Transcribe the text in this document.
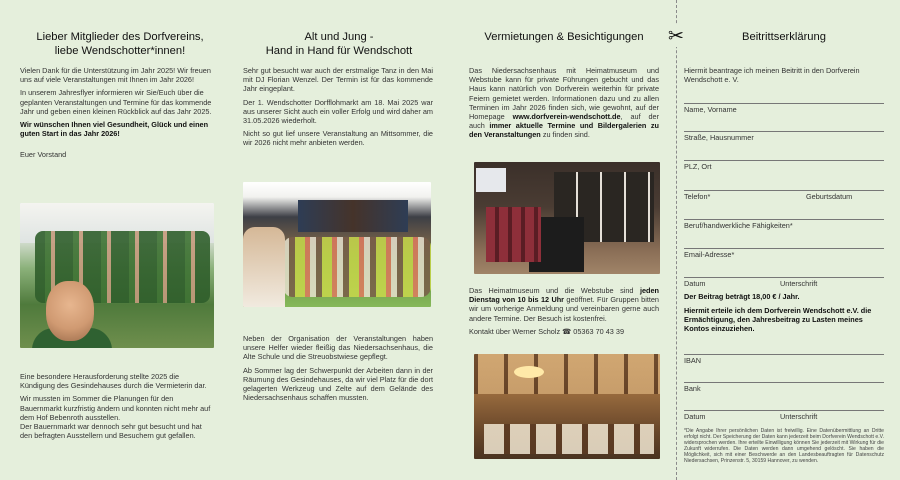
Lieber Mitglieder des Dorfvereins,
liebe Wendschotter*innen!

Vielen Dank für die Unterstützung im Jahr 2025! Wir freuen uns auf viele Veranstaltungen mit Ihnen im Jahr 2026!

In unserem Jahresflyer informieren wir Sie/Euch über die geplanten Veranstaltungen und Termine für das kommende Jahr und geben einen kleinen Rückblick auf das Jahr 2025.

Wir wünschen Ihnen viel Gesundheit, Glück und einen guten Start in das Jahr 2026!

Euer Vorstand

Eine besondere Herausforderung stellte 2025 die Kündigung des Gesindehauses durch die Vermieterin dar.

Wir mussten im Sommer die Planungen für den Bauernmarkt kurzfristig ändern und konnten nicht mehr auf dem Hof Bebenroth ausstellen.

Der Bauernmarkt war dennoch sehr gut besucht und hat den befragten Ausstellern und Besuchern gut gefallen.

Alt und Jung -
Hand in Hand für Wendschott

Sehr gut besucht war auch der erstmalige Tanz in den Mai mit DJ Florian Wenzel. Der Termin ist für das kommende Jahr eingeplant.

Der 1. Wendschotter Dorfflohmarkt am 18. Mai 2025 war aus unserer Sicht auch ein voller Erfolg und wird daher am 31.05.2026 wiederholt.

Nicht so gut lief unsere Veranstaltung an Mittsommer, die wir 2026 nicht mehr anbieten werden.

Neben der Organisation der Veranstaltungen haben unsere Helfer wieder fleißig das Niedersachsenhaus, die Alte Schule und die Streuobstwiese gepflegt.

Ab Sommer lag der Schwerpunkt der Arbeiten dann in der Räumung des Gesindehauses, da wir viel Platz für die dort gelagerten Werkzeug und Zelte auf dem Gelände des Niedersachsenhaus schaffen mussten.

Vermietungen & Besichtigungen

Das Niedersachsenhaus mit Heimatmuseum und Webstube kann für private Führungen gebucht und das Haus kann natürlich von Dorfverein weiterhin für private Feiern gemietet werden. Informationen dazu und zu allen Terminen im Jahr 2026 finden sich, wie gewohnt, auf der Homepage www.dorfverein-wendschott.de, auf der auch immer aktuelle Termine und Bildergalerien zu den Veranstaltungen zu finden sind.

Das Heimatmuseum und die Webstube sind jeden Dienstag von 10 bis 12 Uhr geöffnet. Für Gruppen bitten wir um vorherige Anmeldung und vereinbaren gerne auch andere Termine. Der Besuch ist kostenfrei.

Kontakt über Werner Scholz ☎ 05363 70 43 39

✂	Beitrittserklärung
Hiermit beantrage ich meinen Beitritt in den Dorfverein Wendschott e. V.
Name, Vorname
Straße, Hausnummer
PLZ, Ort
Telefon*	Geburtsdatum
Beruf/handwerkliche Fähigkeiten*
Email-Adresse*
Datum	Unterschrift
Der Beitrag beträgt 18,00 € / Jahr.
Hiermit erteile ich dem Dorfverein Wendschott e.V. die Ermächtigung, den Jahresbeitrag zu Lasten meines Kontos einzuziehen.
IBAN
Bank
Datum	Unterschrift
*Die Angabe Ihrer persönlichen Daten ist freiwillig. Eine Datenübermittlung an Dritte erfolgt nicht. Der Speicherung der Daten kann jederzeit beim Dorfverein Wendschott e.V. widersprochen werden. Ihre erteilte Einwilligung können Sie jederzeit mit Wirkung für die Zukunft widerrufen. Die Daten werden dann umgehend gelöscht. Sie haben die Möglichkeit, sich mit einer Beschwerde an den Landesbeauftragten für Datenschutz Niedersachsen, Prinzenstr. 5, 30159 Hannover, zu wenden.
